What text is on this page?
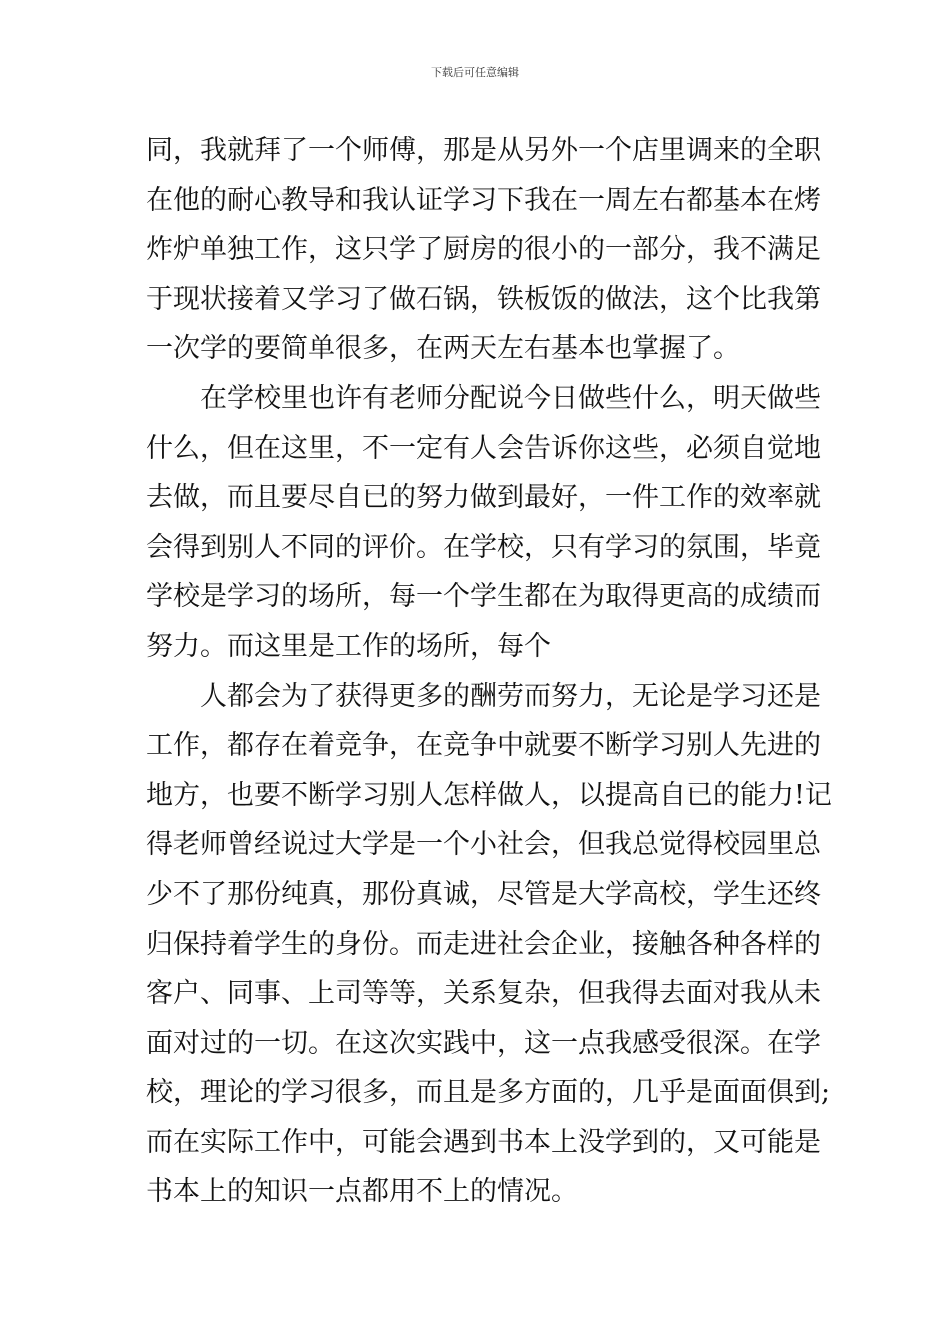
下载后可任意编辑
同，我就拜了一个师傅，那是从另外一个店里调来的全职
在他的耐心教导和我认证学习下我在一周左右都基本在烤
炸炉单独工作，这只学了厨房的很小的一部分，我不满足
于现状接着又学习了做石锅，铁板饭的做法，这个比我第
一次学的要简单很多，在两天左右基本也掌握了。
在学校里也许有老师分配说今日做些什么，明天做些
什么，但在这里，不一定有人会告诉你这些，必须自觉地
去做，而且要尽自已的努力做到最好，一件工作的效率就
会得到别人不同的评价。在学校，只有学习的氛围，毕竟
学校是学习的场所，每一个学生都在为取得更高的成绩而
努力。而这里是工作的场所，每个
人都会为了获得更多的酬劳而努力，无论是学习还是
工作，都存在着竞争，在竞争中就要不断学习别人先进的
地方，也要不断学习别人怎样做人，以提高自已的能力!记
得老师曾经说过大学是一个小社会，但我总觉得校园里总
少不了那份纯真，那份真诚，尽管是大学高校，学生还终
归保持着学生的身份。而走进社会企业，接触各种各样的
客户、同事、上司等等，关系复杂，但我得去面对我从未
面对过的一切。在这次实践中，这一点我感受很深。在学
校，理论的学习很多，而且是多方面的，几乎是面面俱到;
而在实际工作中，可能会遇到书本上没学到的，又可能是
书本上的知识一点都用不上的情况。
